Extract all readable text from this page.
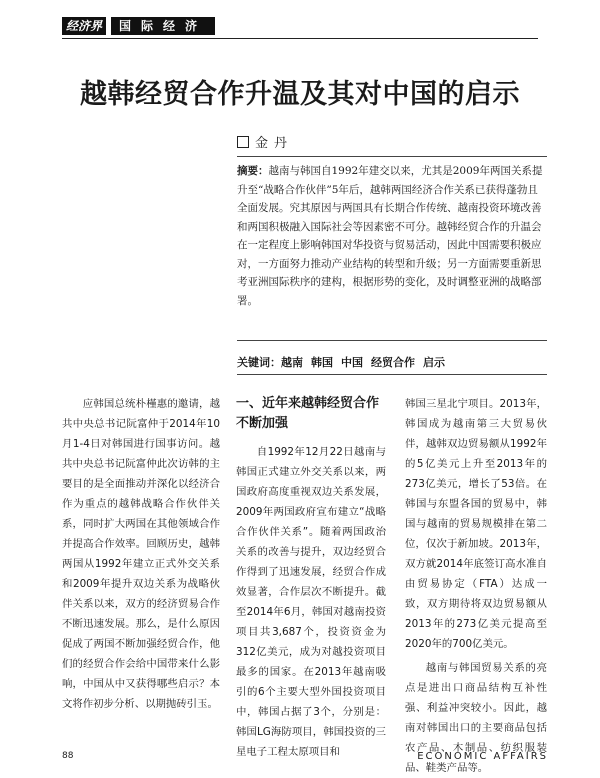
经济界	国际经济
越韩经贸合作升温及其对中国的启示
金丹
摘要：越南与韩国自1992年建交以来，尤其是2009年两国关系提升至“战略合作伙伴”5年后，越韩两国经济合作关系已获得蓬勃且全面发展。究其原因与两国具有长期合作传统、越南投资环境改善和两国积极融入国际社会等因素密不可分。越韩经贸合作的升温会在一定程度上影响韩国对华投资与贸易活动，因此中国需要积极应对，一方面努力推动产业结构的转型和升级；另一方面需要重新思考亚洲国际秩序的建构，根据形势的变化，及时调整亚洲的战略部署。
关键词：越南 韩国 中国 经贸合作 启示

应韩国总统朴槿惠的邀请，越共中央总书记阮富仲于2014年10月1-4日对韩国进行国事访问。越共中央总书记阮富仲此次访韩的主要目的是全面推动并深化以经济合作为重点的越韩战略合作伙伴关系，同时扩大两国在其他领域合作并提高合作效率。回顾历史，越韩两国从1992年建立正式外交关系和2009年提升双边关系为战略伙伴关系以来，双方的经济贸易合作不断迅速发展。那么，是什么原因促成了两国不断加强经贸合作，他们的经贸合作会给中国带来什么影响，中国从中又获得哪些启示？本文将作初步分析、以期抛砖引玉。

一、近年来越韩经贸合作不断加强

自1992年12月22日越南与韩国正式建立外交关系以来，两国政府高度重视双边关系发展，2009年两国政府宣布建立“战略合作伙伴关系”。随着两国政治关系的改善与提升，双边经贸合作得到了迅速发展，经贸合作成效显著，合作层次不断提升。截至2014年6月，韩国对越南投资项目共3,687个，投资资金为312亿美元，成为对越投资项目最多的国家。在2013年越南吸引的6个主要大型外国投资项目中，韩国占据了3个，分别是：韩国LG海防项目，韩国投资的三星电子工程太原项目和

韩国三星北宁项目。2013年，韩国成为越南第三大贸易伙伴，越韩双边贸易额从1992年的5亿美元上升至2013年的273亿美元，增长了53倍。在韩国与东盟各国的贸易中，韩国与越南的贸易规模排在第二位，仅次于新加坡。2013年，双方就2014年底签订高水准自由贸易协定（FTA）达成一致，双方期待将双边贸易额从2013年的273亿美元提高至2020年的700亿美元。

越南与韩国贸易关系的亮点是进出口商品结构互补性强、利益冲突较小。因此，越南对韩国出口的主要商品包括农产品、木制品、纺织服装品、鞋类产品等。

88	ECONOMIC AFFAIRS
